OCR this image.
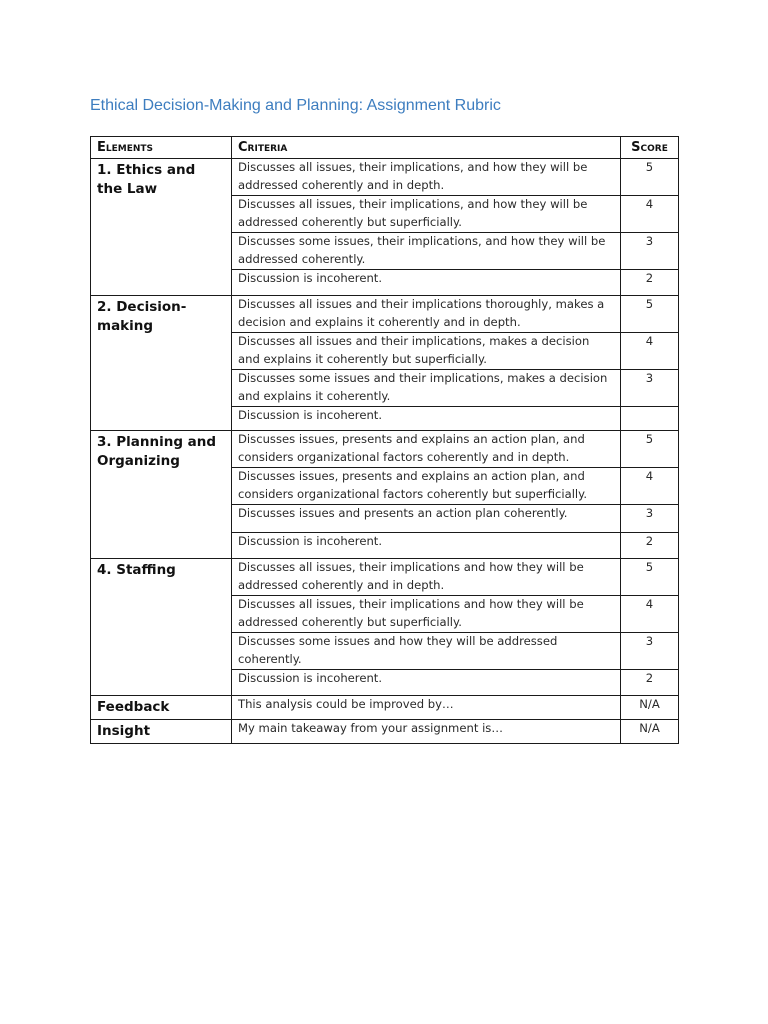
Ethical Decision-Making and Planning: Assignment Rubric
Elements	Criteria	Score
1. Ethics and the Law	Discusses all issues, their implications, and how they will be addressed coherently and in depth.	5
	Discusses all issues, their implications, and how they will be addressed coherently but superficially.	4
	Discusses some issues, their implications, and how they will be addressed coherently.	3
	Discussion is incoherent.	2
2. Decision-making	Discusses all issues and their implications thoroughly, makes a decision and explains it coherently and in depth.	5
	Discusses all issues and their implications, makes a decision and explains it coherently but superficially.	4
	Discusses some issues and their implications, makes a decision and explains it coherently.	3
	Discussion is incoherent.	
3. Planning and Organizing	Discusses issues, presents and explains an action plan, and considers organizational factors coherently and in depth.	5
	Discusses issues, presents and explains an action plan, and considers organizational factors coherently but superficially.	4
	Discusses issues and presents an action plan coherently.	3
	Discussion is incoherent.	2
4. Staffing	Discusses all issues, their implications and how they will be addressed coherently and in depth.	5
	Discusses all issues, their implications and how they will be addressed coherently but superficially.	4
	Discusses some issues and how they will be addressed coherently.	3
	Discussion is incoherent.	2
Feedback	This analysis could be improved by…	N/A
Insight	My main takeaway from your assignment is…	N/A
